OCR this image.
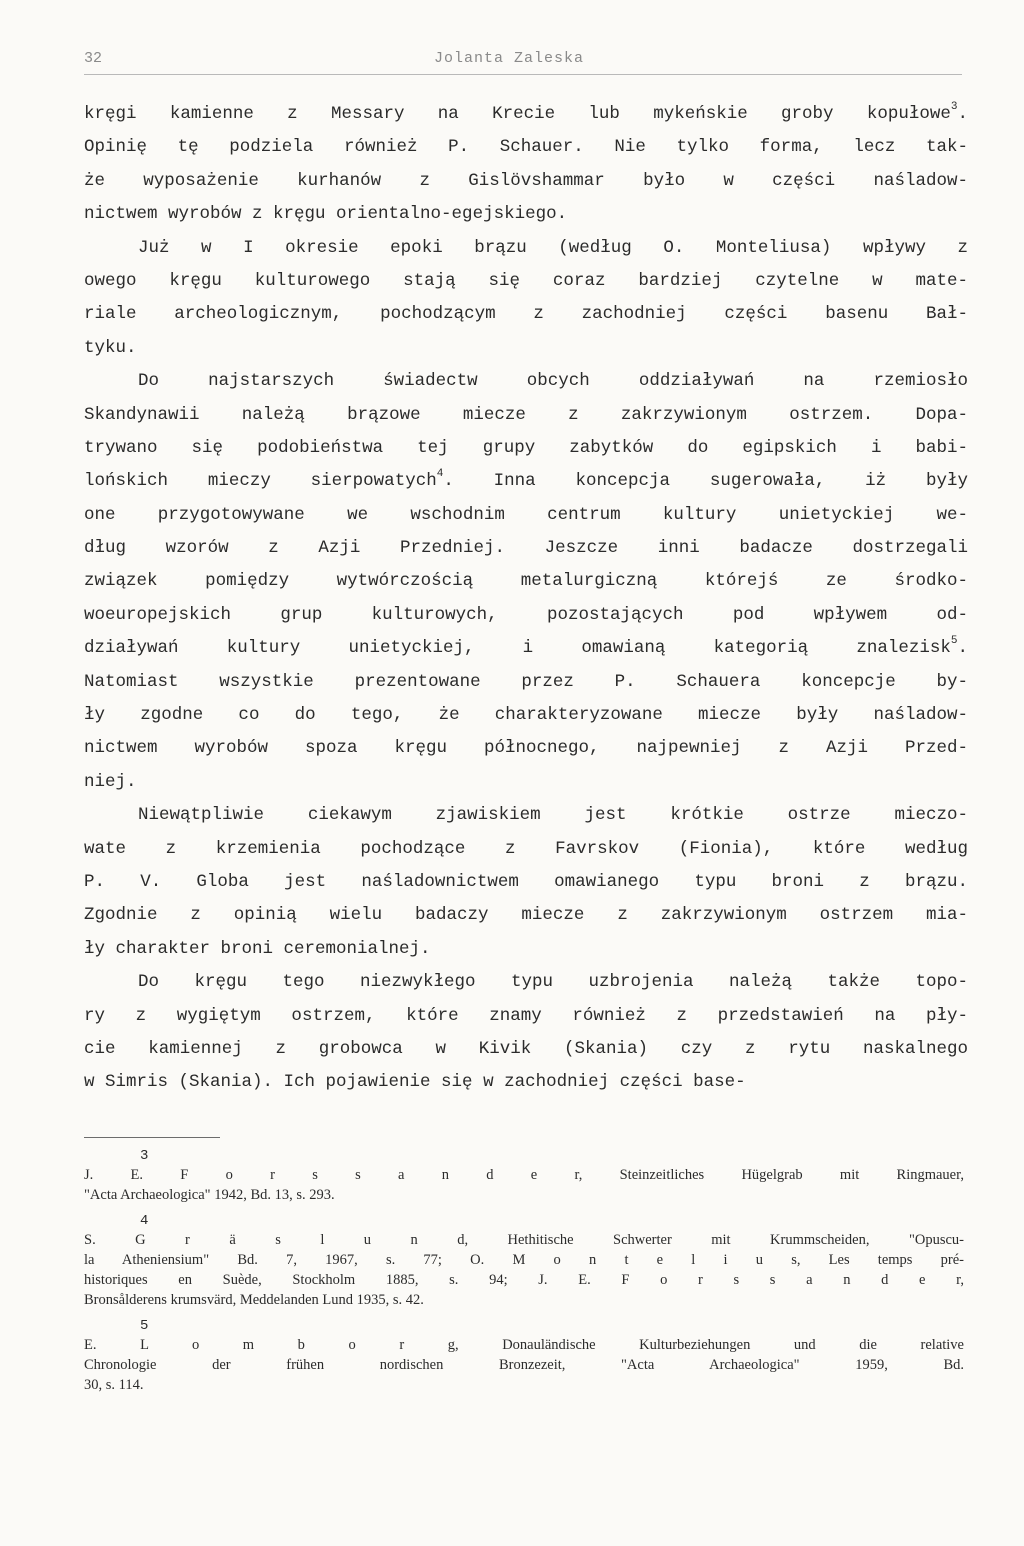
32	Jolanta Zaleska
kręgi kamienne z Messary na Krecie lub mykeńskie groby kopułowe$^3$.
Opinię tę podziela również P. Schauer. Nie tylko forma, lecz tak-
że wyposażenie kurhanów z Gislövshammar było w części naśladow-
nictwem wyrobów z kręgu orientalno-egejskiego.
Już w I okresie epoki brązu (według O. Monteliusa) wpływy z
owego kręgu kulturowego stają się coraz bardziej czytelne w mate-
riale archeologicznym, pochodzącym z zachodniej części basenu Bał-
tyku.
Do najstarszych świadectw obcych oddziaływań na rzemiosło
Skandynawii należą brązowe miecze z zakrzywionym ostrzem. Dopa-
trywano się podobieństwa tej grupy zabytków do egipskich i babi-
lońskich mieczy sierpowatych$^4$. Inna koncepcja sugerowała, iż były
one przygotowywane we wschodnim centrum kultury unietyckiej we-
dług wzorów z Azji Przedniej. Jeszcze inni badacze dostrzegali
związek pomiędzy wytwórczością metalurgiczną którejś ze środko-
woeuropejskich grup kulturowych, pozostających pod wpływem od-
działywań kultury unietyckiej, i omawianą kategorią znalezisk$^5$.
Natomiast wszystkie prezentowane przez P. Schauera koncepcje by-
ły zgodne co do tego, że charakteryzowane miecze były naśladow-
nictwem wyrobów spoza kręgu północnego, najpewniej z Azji Przed-
niej.
Niewątpliwie ciekawym zjawiskiem jest krótkie ostrze mieczo-
wate z krzemienia pochodzące z Favrskov (Fionia), które według
P. V. Globa jest naśladownictwem omawianego typu broni z brązu.
Zgodnie z opinią wielu badaczy miecze z zakrzywionym ostrzem mia-
ły charakter broni ceremonialnej.
Do kręgu tego niezwykłego typu uzbrojenia należą także topo-
ry z wygiętym ostrzem, które znamy również z przedstawień na pły-
cie kamiennej z grobowca w Kivik (Skania) czy z rytu naskalnego
w Simris (Skania). Ich pojawienie się w zachodniej części base-
3
J. E. F o r s s a n d e r, Steinzeitliches Hügelgrab mit Ringmauer,
"Acta Archaeologica" 1942, Bd. 13, s. 293.
4
S. G r ä s l u n d, Hethitische Schwerter mit Krummscheiden, "Opuscu-
la Atheniensium" Bd. 7, 1967, s. 77; O. M o n t e l i u s, Les temps pré-
historiques en Suède, Stockholm 1885, s. 94; J. E. F o r s s a n d e r,
Bronsålderens krumsvärd, Meddelanden Lund 1935, s. 42.
5
E. L o m b o r g, Donauländische Kulturbeziehungen und die relative
Chronologie der frühen nordischen Bronzezeit, "Acta Archaeologica" 1959, Bd.
30, s. 114.
